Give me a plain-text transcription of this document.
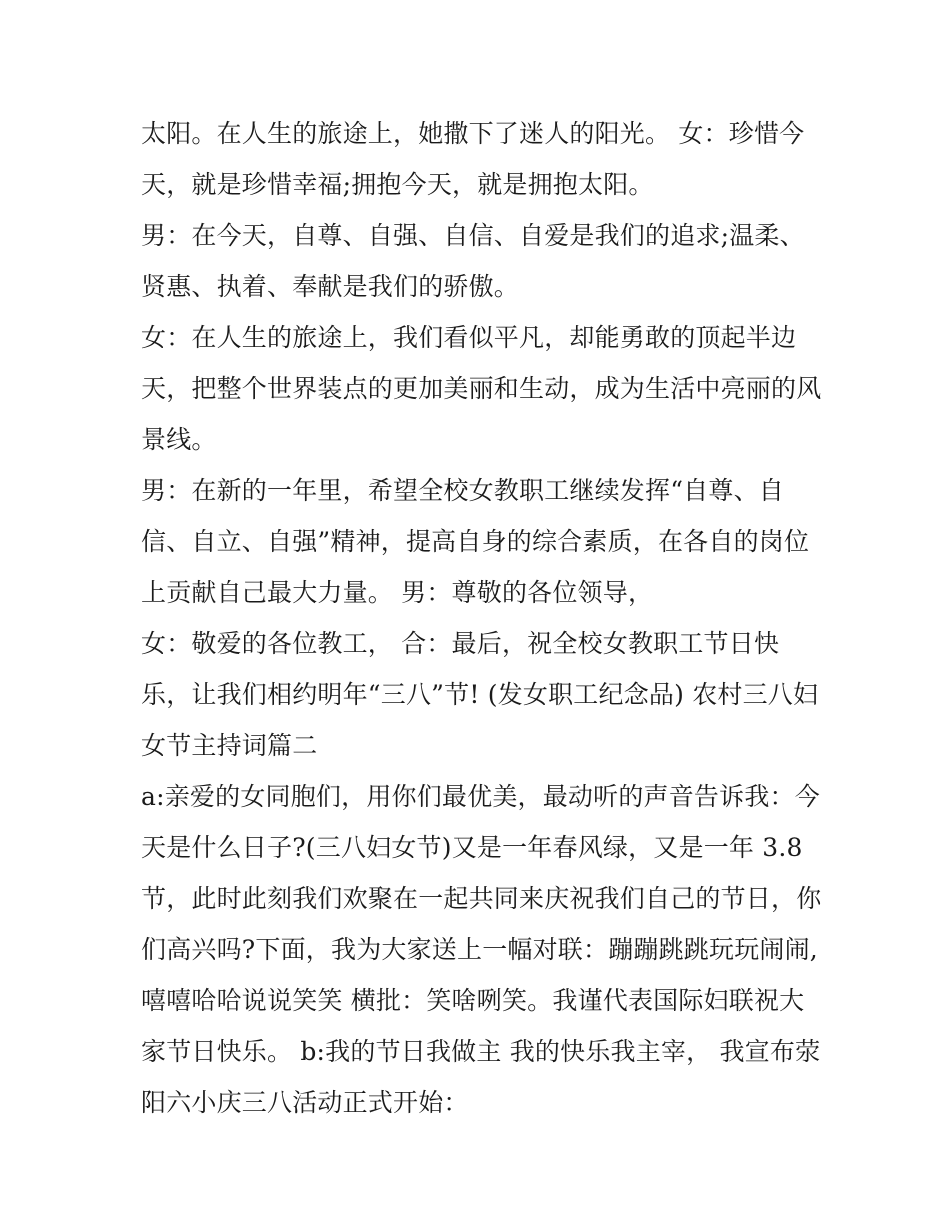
太阳。在人生的旅途上，她撒下了迷人的阳光。 女：珍惜今
天，就是珍惜幸福;拥抱今天，就是拥抱太阳。
男：在今天，自尊、自强、自信、自爱是我们的追求;温柔、
贤惠、执着、奉献是我们的骄傲。
女：在人生的旅途上，我们看似平凡，却能勇敢的顶起半边
天，把整个世界装点的更加美丽和生动，成为生活中亮丽的风
景线。
男：在新的一年里，希望全校女教职工继续发挥“自尊、自
信、自立、自强”精神，提高自身的综合素质，在各自的岗位
上贡献自己最大力量。 男：尊敬的各位领导，
女：敬爱的各位教工， 合：最后，祝全校女教职工节日快
乐，让我们相约明年“三八”节! (发女职工纪念品) 农村三八妇
女节主持词篇二
a:亲爱的女同胞们，用你们最优美，最动听的声音告诉我：今
天是什么日子?(三八妇女节)又是一年春风绿，又是一年 3.8
节，此时此刻我们欢聚在一起共同来庆祝我们自己的节日，你
们高兴吗?下面，我为大家送上一幅对联：蹦蹦跳跳玩玩闹闹,
嘻嘻哈哈说说笑笑 横批：笑啥咧笑。我谨代表国际妇联祝大
家节日快乐。 b:我的节日我做主 我的快乐我主宰， 我宣布荥
阳六小庆三八活动正式开始：
